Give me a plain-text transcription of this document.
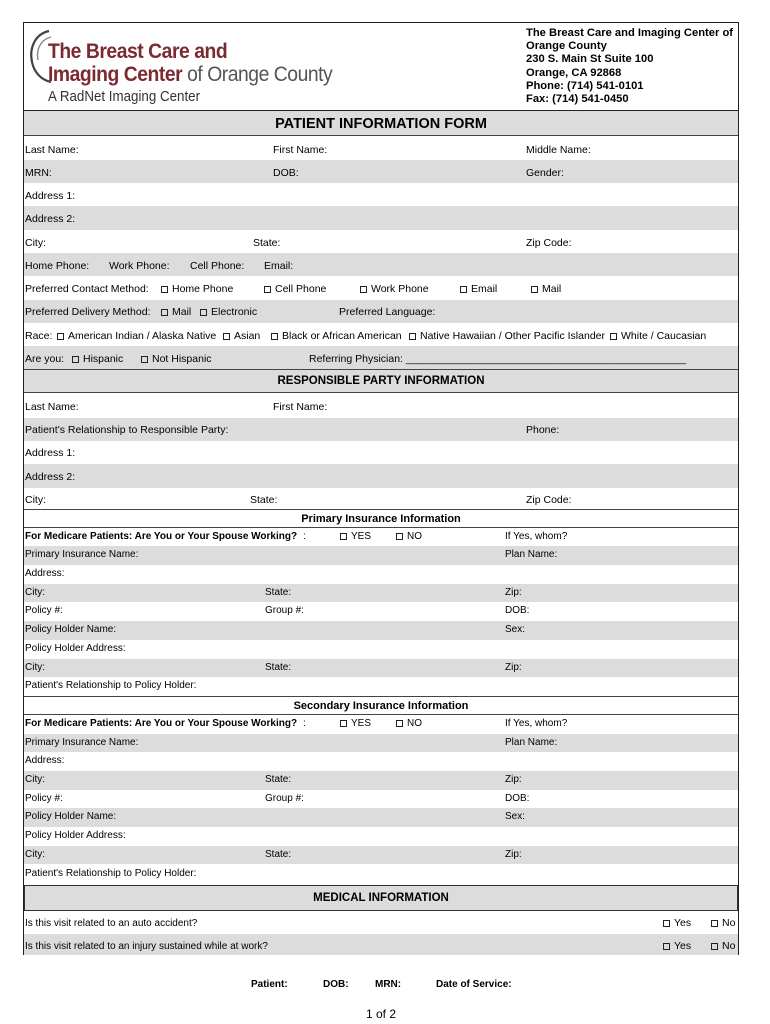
The Breast Care and
Imaging Center of Orange County
A RadNet Imaging Center
The Breast Care and Imaging Center of
Orange County
230 S. Main St Suite 100
Orange, CA 92868
Phone: (714) 541-0101
Fax: (714) 541-0450
PATIENT INFORMATION FORM
Last Name:	First Name:	Middle Name:
MRN:	DOB:	Gender:
Address 1:
Address 2:
City:	State:	Zip Code:
Home Phone: Work Phone: Cell Phone: Email:
Preferred Contact Method:	Home Phone	Cell Phone	Work Phone	Email	Mail
Preferred Delivery Method:	Mail	Electronic	Preferred Language:
Race:	American Indian / Alaska Native	Asian	Black or African American	Native Hawaiian / Other Pacific Islander	White / Caucasian
Are you:	Hispanic	Not Hispanic	Referring Physician: ________________________________________________
RESPONSIBLE PARTY INFORMATION
Last Name:	First Name:
Patient's Relationship to Responsible Party:	Phone:
Address 1:
Address 2:
City:	State:	Zip Code:
Primary Insurance Information
For Medicare Patients: Are You or Your Spouse Working? :	YES	NO	If Yes, whom?
Primary Insurance Name:	Plan Name:
Address:
City:	State:	Zip:
Policy #:	Group #:	DOB:
Policy Holder Name:	Sex:
Policy Holder Address:
City:	State:	Zip:
Patient's Relationship to Policy Holder:
Secondary Insurance Information
For Medicare Patients: Are You or Your Spouse Working? :	YES	NO	If Yes, whom?
Primary Insurance Name:	Plan Name:
Address:
City:	State:	Zip:
Policy #:	Group #:	DOB:
Policy Holder Name:	Sex:
Policy Holder Address:
City:	State:	Zip:
Patient's Relationship to Policy Holder:
MEDICAL INFORMATION
Is this visit related to an auto accident?	Yes	No
Is this visit related to an injury sustained while at work?	Yes	No
Patient:	DOB:	MRN:	Date of Service:
1 of 2
